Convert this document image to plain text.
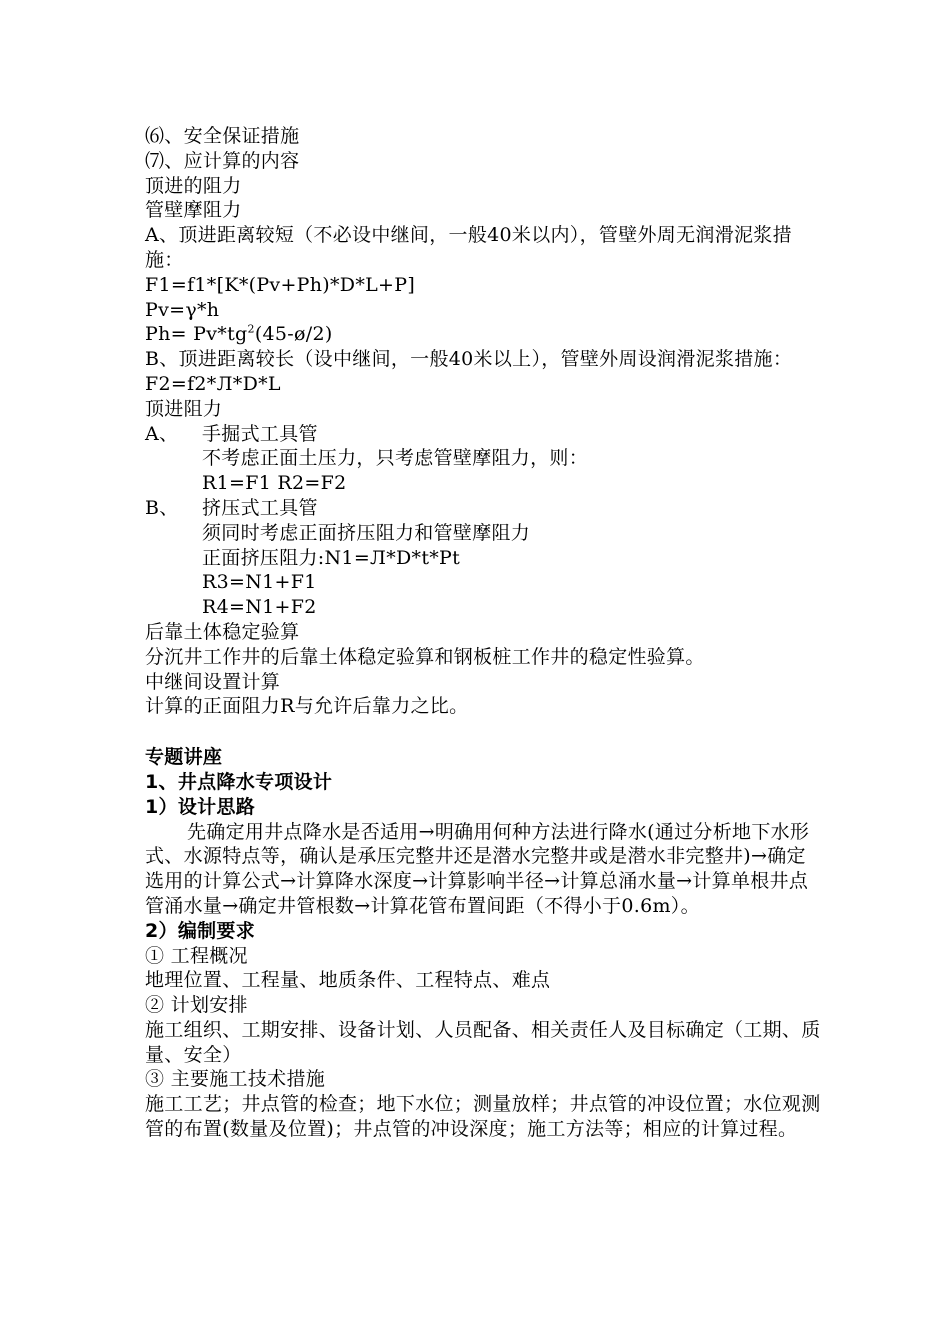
⑹、安全保证措施
⑺、应计算的内容
顶进的阻力
管壁摩阻力
A、顶进距离较短（不必设中继间，一般40米以内），管壁外周无润滑泥浆措施：
F1=f1*[K*(Pv+Ph)*D*L+P]
Pv=γ*h
$Ph= Pv*tg^2(45-ø/2)$
B、顶进距离较长（设中继间，一般40米以上），管壁外周设润滑泥浆措施：
F2=f2*Л*D*L
顶进阻力
A、 手掘式工具管
不考虑正面土压力，只考虑管壁摩阻力，则：
R1=F1 R2=F2
B、 挤压式工具管
须同时考虑正面挤压阻力和管壁摩阻力
正面挤压阻力:N1=Л*D*t*Pt
R3=N1+F1
R4=N1+F2
后靠土体稳定验算
分沉井工作井的后靠土体稳定验算和钢板桩工作井的稳定性验算。
中继间设置计算
计算的正面阻力R与允许后靠力之比。
专题讲座
1、井点降水专项设计
1）设计思路
先确定用井点降水是否适用→明确用何种方法进行降水(通过分析地下水形式、水源特点等，确认是承压完整井还是潜水完整井或是潜水非完整井)→确定选用的计算公式→计算降水深度→计算影响半径→计算总涌水量→计算单根井点管涌水量→确定井管根数→计算花管布置间距（不得小于0.6m）。
2）编制要求
① 工程概况
地理位置、工程量、地质条件、工程特点、难点
② 计划安排
施工组织、工期安排、设备计划、人员配备、相关责任人及目标确定（工期、质量、安全）
③ 主要施工技术措施
施工工艺；井点管的检查；地下水位；测量放样；井点管的冲设位置；水位观测管的布置(数量及位置)；井点管的冲设深度；施工方法等；相应的计算过程。
